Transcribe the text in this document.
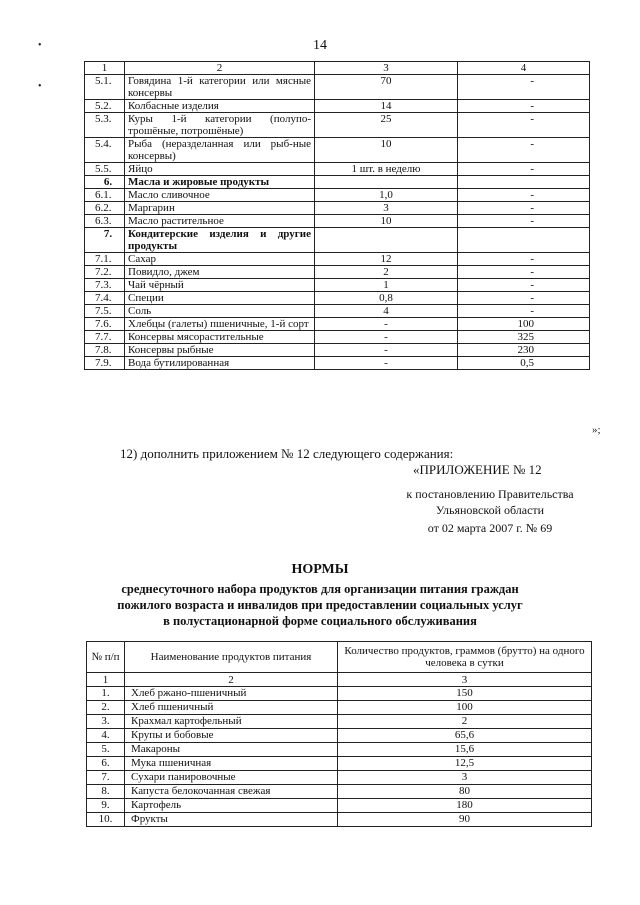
14
•
•
1	2	3	4
5.1.	Говядина 1-й категории или мясные консервы	70	-
5.2.	Колбасные изделия	14	-
5.3.	Куры 1-й категории (полупо-трошёные, потрошёные)	25	-
5.4.	Рыба (неразделанная или рыб-ные консервы)	10	-
5.5.	Яйцо	1 шт. в неделю	-
6.	Масла и жировые продукты		
6.1.	Масло сливочное	1,0	-
6.2.	Маргарин	3	-
6.3.	Масло растительное	10	-
7.	Кондитерские изделия и другие продукты		
7.1.	Сахар	12	-
7.2.	Повидло, джем	2	-
7.3.	Чай чёрный	1	-
7.4.	Специи	0,8	-
7.5.	Соль	4	-
7.6.	Хлебцы (галеты) пшеничные, 1-й сорт	-	100
7.7.	Консервы мясорастительные	-	325
7.8.	Консервы рыбные	-	230
7.9.	Вода бутилированная	-	0,5
»;
12) дополнить приложением № 12 следующего содержания:
«ПРИЛОЖЕНИЕ № 12
к постановлению Правительства
Ульяновской области
от 02 марта 2007 г. № 69
НОРМЫ
среднесуточного набора продуктов для организации питания граждан
пожилого возраста и инвалидов при предоставлении социальных услуг
в полустационарной форме социального обслуживания
№ п/п	Наименование продуктов питания	Количество продуктов, граммов (брутто) на одного человека в сутки
1	2	3
1.	Хлеб ржано-пшеничный	150
2.	Хлеб пшеничный	100
3.	Крахмал картофельный	2
4.	Крупы и бобовые	65,6
5.	Макароны	15,6
6.	Мука пшеничная	12,5
7.	Сухари панировочные	3
8.	Капуста белокочанная свежая	80
9.	Картофель	180
10.	Фрукты	90
